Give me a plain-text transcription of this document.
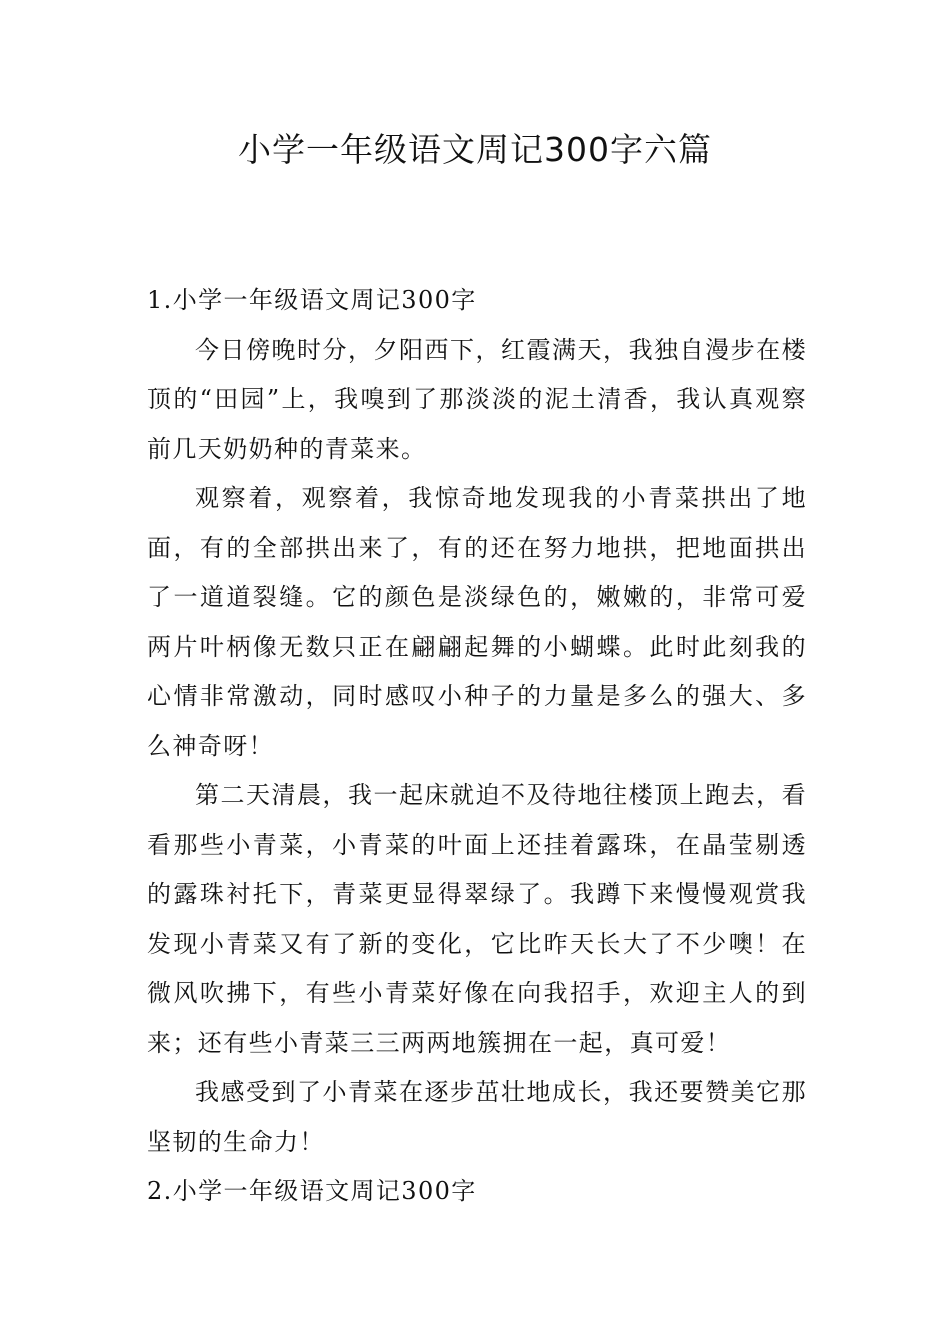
小学一年级语文周记300字六篇

1.小学一年级语文周记300字

今日傍晚时分，夕阳西下，红霞满天，我独自漫步在楼顶的“田园”上，我嗅到了那淡淡的泥土清香，我认真观察前几天奶奶种的青菜来。

观察着，观察着，我惊奇地发现我的小青菜拱出了地面，有的全部拱出来了，有的还在努力地拱，把地面拱出了一道道裂缝。它的颜色是淡绿色的，嫩嫩的，非常可爱两片叶柄像无数只正在翩翩起舞的小蝴蝶。此时此刻我的心情非常激动，同时感叹小种子的力量是多么的强大、多么神奇呀！

第二天清晨，我一起床就迫不及待地往楼顶上跑去，看看那些小青菜，小青菜的叶面上还挂着露珠，在晶莹剔透的露珠衬托下，青菜更显得翠绿了。我蹲下来慢慢观赏我发现小青菜又有了新的变化，它比昨天长大了不少噢！在微风吹拂下，有些小青菜好像在向我招手，欢迎主人的到来；还有些小青菜三三两两地簇拥在一起，真可爱！

我感受到了小青菜在逐步茁壮地成长，我还要赞美它那坚韧的生命力！

2.小学一年级语文周记300字
